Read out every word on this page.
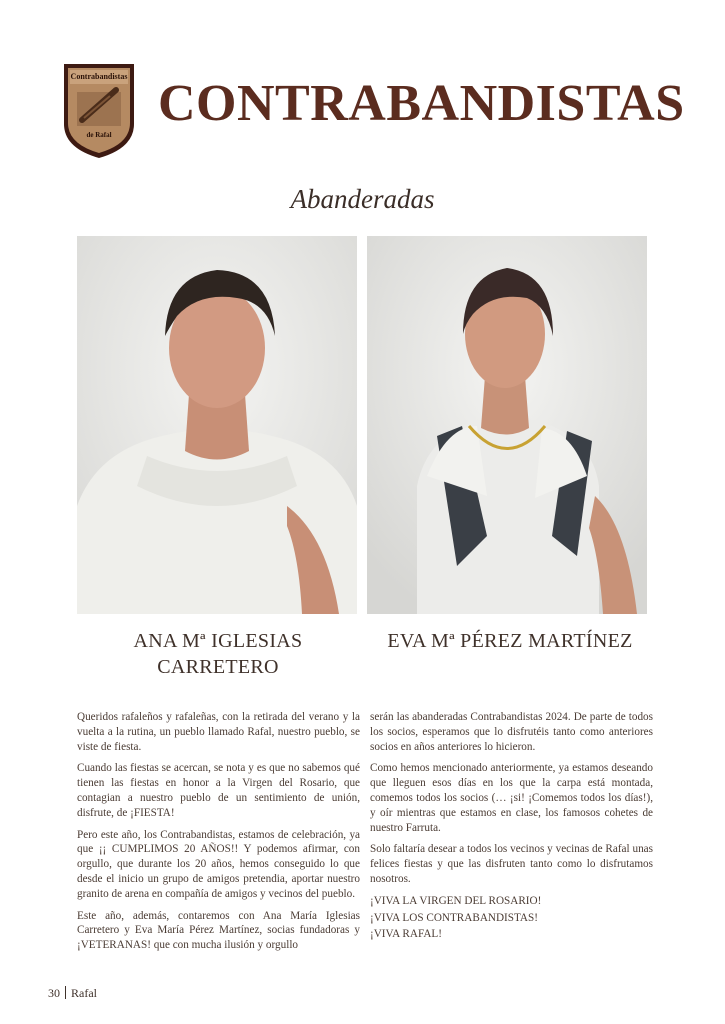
Contrabandistas
de Rafal
CONTRABANDISTAS
Abanderadas
ANA Mª IGLESIAS
CARRETERO
EVA Mª PÉREZ MARTÍNEZ

Queridos rafaleños y rafaleñas, con la retirada del verano y la vuelta a la rutina, un pueblo llamado Rafal, nuestro pueblo, se viste de fiesta.

Cuando las fiestas se acercan, se nota y es que no sabemos qué tienen las fiestas en honor a la Virgen del Rosario, que contagian a nuestro pueblo de un sentimiento de unión, disfrute, de ¡FIESTA!

Pero este año, los Contrabandistas, estamos de celebración, ya que ¡¡ CUMPLIMOS 20 AÑOS!! Y podemos afirmar, con orgullo, que durante los 20 años, hemos conseguido lo que desde el inicio un grupo de amigos pretendia, aportar nuestro granito de arena en compañía de amigos y vecinos del pueblo.

Este año, además, contaremos con Ana María Iglesias Carretero y Eva María Pérez Martínez, socias fundadoras y ¡VETERANAS! que con mucha ilusión y orgullo

serán las abanderadas Contrabandistas 2024. De parte de todos los socios, esperamos que lo disfrutéis tanto como anteriores socios en años anteriores lo hicieron.

Como hemos mencionado anteriormente, ya estamos deseando que lleguen esos días en los que la carpa está montada, comemos todos los socios (… ¡si! ¡Comemos todos los días!), y oír mientras que estamos en clase, los famosos cohetes de nuestro Farruta.

Solo faltaría desear a todos los vecinos y vecinas de Rafal unas felices fiestas y que las disfruten tanto como lo disfrutamos nosotros.

¡VIVA LA VIRGEN DEL ROSARIO!

¡VIVA LOS CONTRABANDISTAS!

¡VIVA RAFAL!

30 Rafal
